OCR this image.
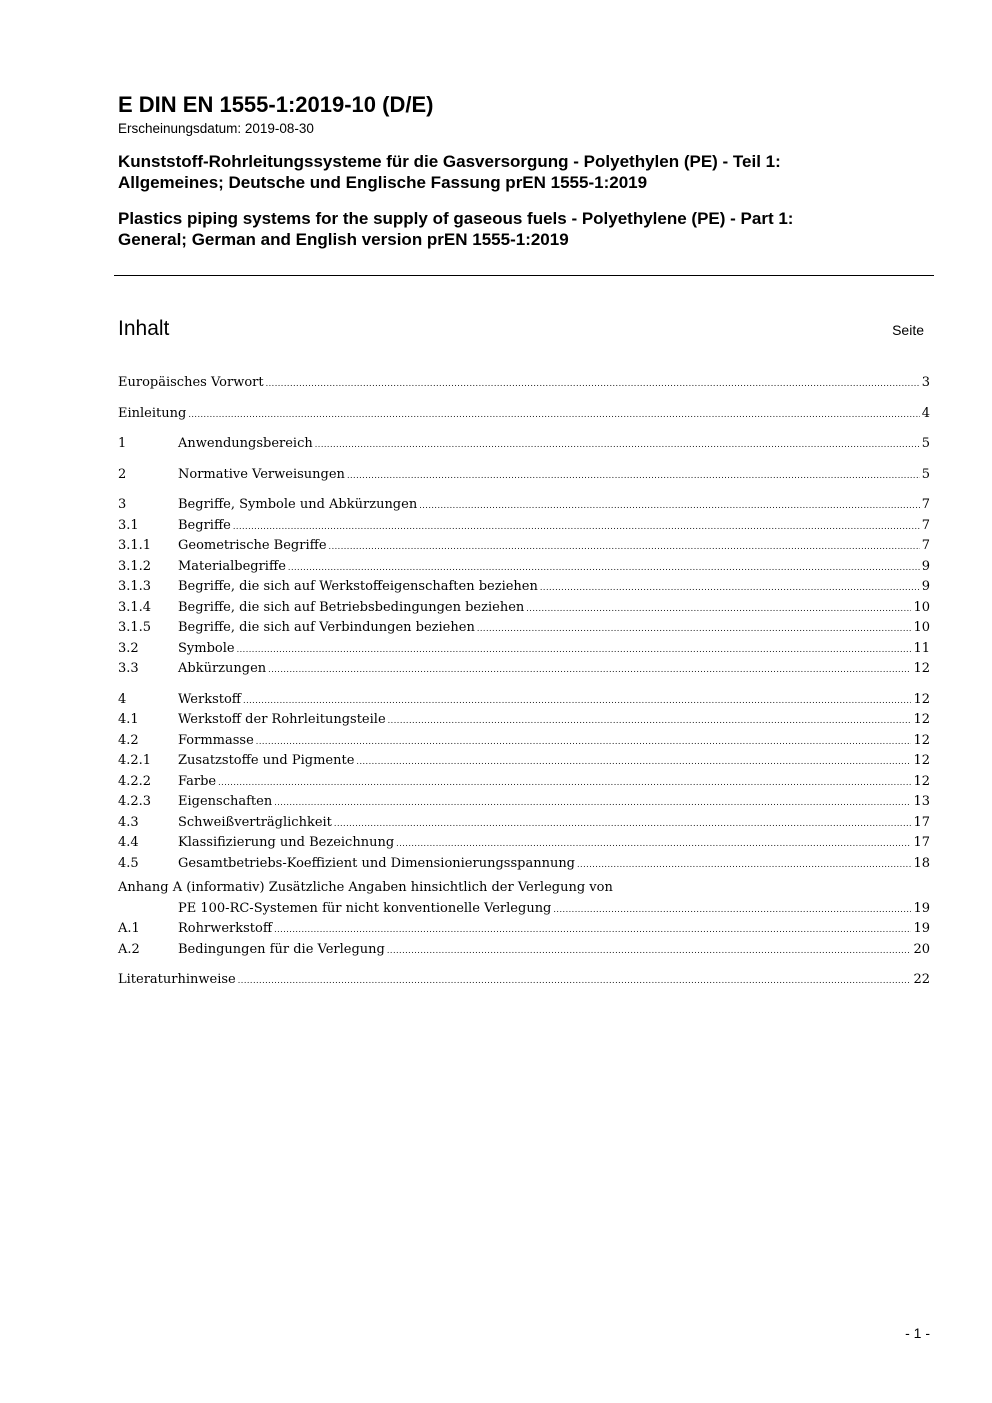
E DIN EN 1555-1:2019-10 (D/E)

Erscheinungsdatum: 2019-08-30

Kunststoff-Rohrleitungssysteme für die Gasversorgung - Polyethylen (PE) - Teil 1:
Allgemeines; Deutsche und Englische Fassung prEN 1555-1:2019

Plastics piping systems for the supply of gaseous fuels - Polyethylene (PE) - Part 1:
General; German and English version prEN 1555-1:2019

Inhalt	Seite
Europäisches Vorwort .....	3
Einleitung .....	4
1	Anwendungsbereich .....	5
2	Normative Verweisungen .....	5
3	Begriffe, Symbole und Abkürzungen .....	7
3.1	Begriffe .....	7
3.1.1	Geometrische Begriffe .....	7
3.1.2	Materialbegriffe .....	9
3.1.3	Begriffe, die sich auf Werkstoffeigenschaften beziehen .....	9
3.1.4	Begriffe, die sich auf Betriebsbedingungen beziehen .....	10
3.1.5	Begriffe, die sich auf Verbindungen beziehen .....	10
3.2	Symbole .....	11
3.3	Abkürzungen .....	12
4	Werkstoff .....	12
4.1	Werkstoff der Rohrleitungsteile .....	12
4.2	Formmasse .....	12
4.2.1	Zusatzstoffe und Pigmente .....	12
4.2.2	Farbe .....	12
4.2.3	Eigenschaften .....	13
4.3	Schweißverträglichkeit .....	17
4.4	Klassifizierung und Bezeichnung .....	17
4.5	Gesamtbetriebs-Koeffizient und Dimensionierungsspannung .....	18
Anhang A (informativ) Zusätzliche Angaben hinsichtlich der Verlegung von
PE 100-RC-Systemen für nicht konventionelle Verlegung .....	19
A.1	Rohrwerkstoff .....	19
A.2	Bedingungen für die Verlegung .....	20
Literaturhinweise .....	22
- 1 -
